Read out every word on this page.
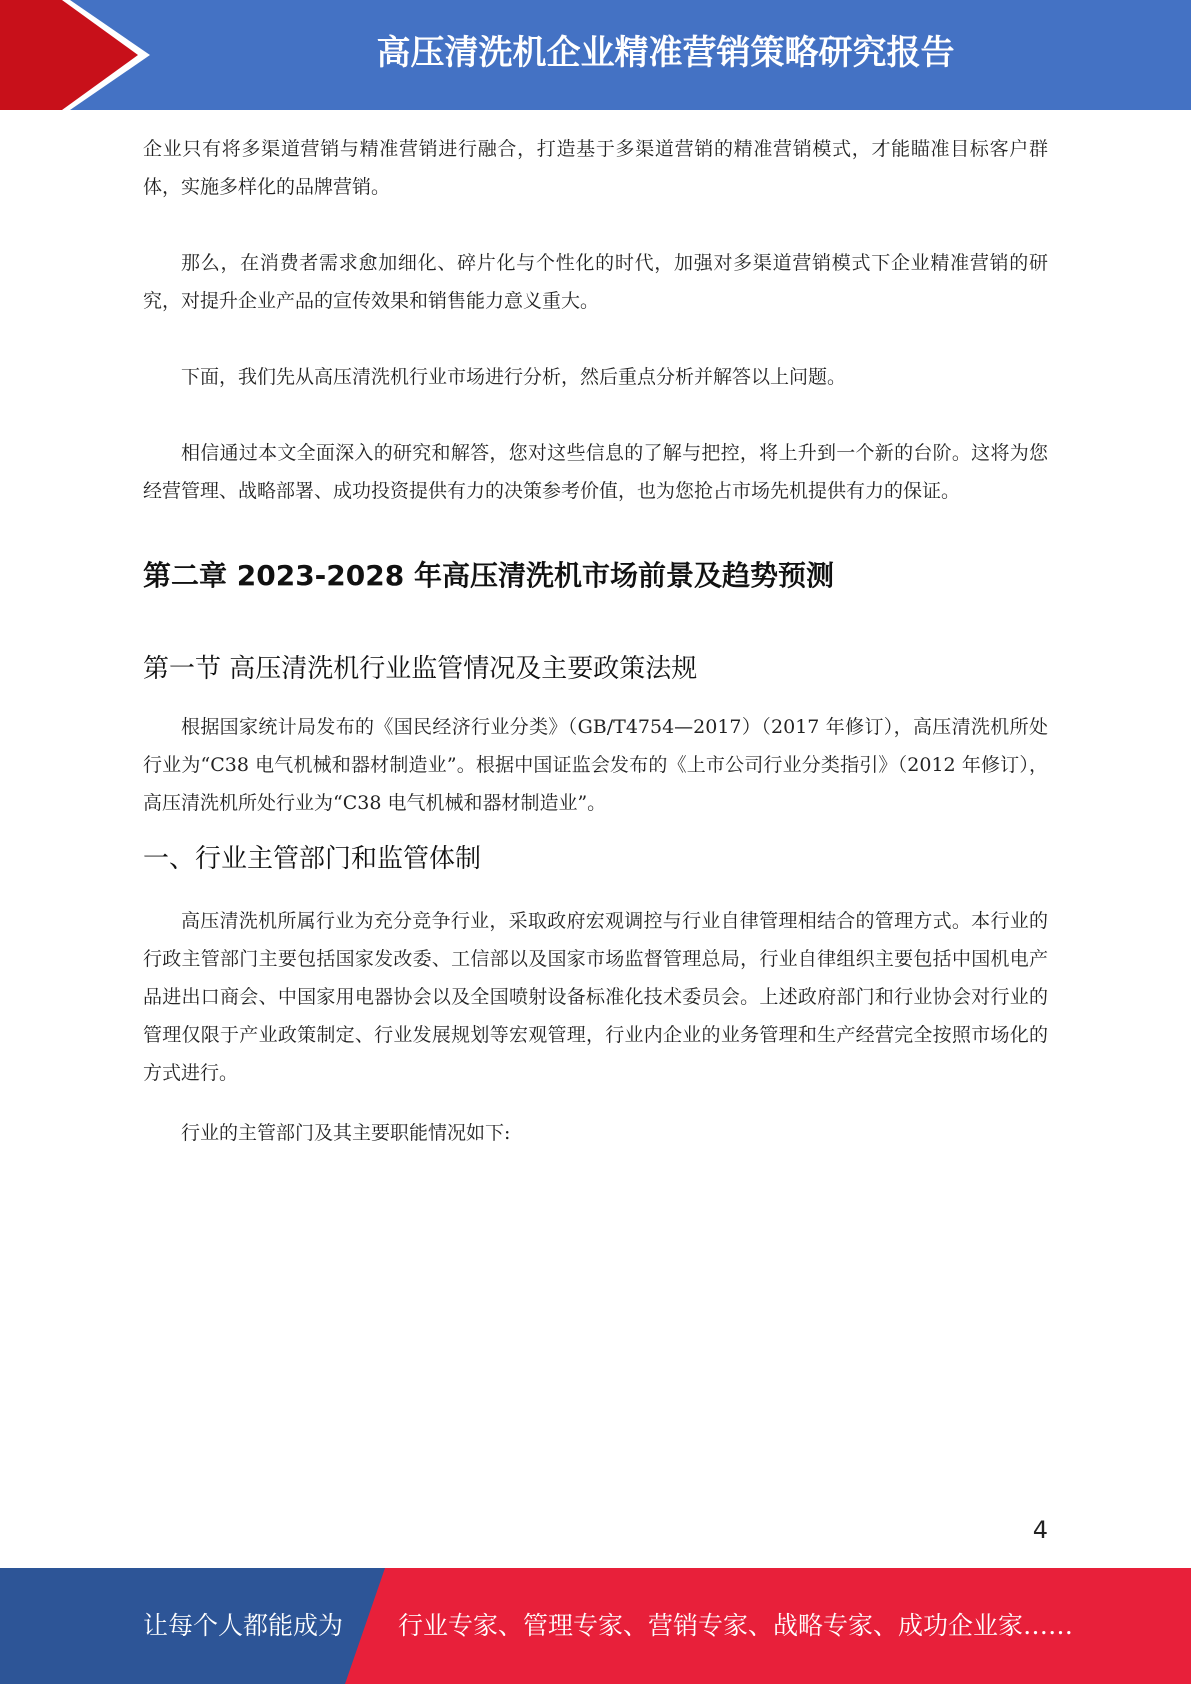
高压清洗机企业精准营销策略研究报告

企业只有将多渠道营销与精准营销进行融合，打造基于多渠道营销的精准营销模式，才能瞄准目标客户群体，实施多样化的品牌营销。

那么，在消费者需求愈加细化、碎片化与个性化的时代，加强对多渠道营销模式下企业精准营销的研究，对提升企业产品的宣传效果和销售能力意义重大。

下面，我们先从高压清洗机行业市场进行分析，然后重点分析并解答以上问题。

相信通过本文全面深入的研究和解答，您对这些信息的了解与把控，将上升到一个新的台阶。这将为您经营管理、战略部署、成功投资提供有力的决策参考价值，也为您抢占市场先机提供有力的保证。

第二章 2023-2028 年高压清洗机市场前景及趋势预测
第一节 高压清洗机行业监管情况及主要政策法规

根据国家统计局发布的《国民经济行业分类》（GB/T4754—2017）（2017 年修订），高压清洗机所处行业为“C38 电气机械和器材制造业”。根据中国证监会发布的《上市公司行业分类指引》（2012 年修订），高压清洗机所处行业为“C38 电气机械和器材制造业”。

一、行业主管部门和监管体制

高压清洗机所属行业为充分竞争行业，采取政府宏观调控与行业自律管理相结合的管理方式。本行业的行政主管部门主要包括国家发改委、工信部以及国家市场监督管理总局，行业自律组织主要包括中国机电产品进出口商会、中国家用电器协会以及全国喷射设备标准化技术委员会。上述政府部门和行业协会对行业的管理仅限于产业政策制定、行业发展规划等宏观管理，行业内企业的业务管理和生产经营完全按照市场化的方式进行。

行业的主管部门及其主要职能情况如下:

4
让每个人都能成为 行业专家、管理专家、营销专家、战略专家、成功企业家……
